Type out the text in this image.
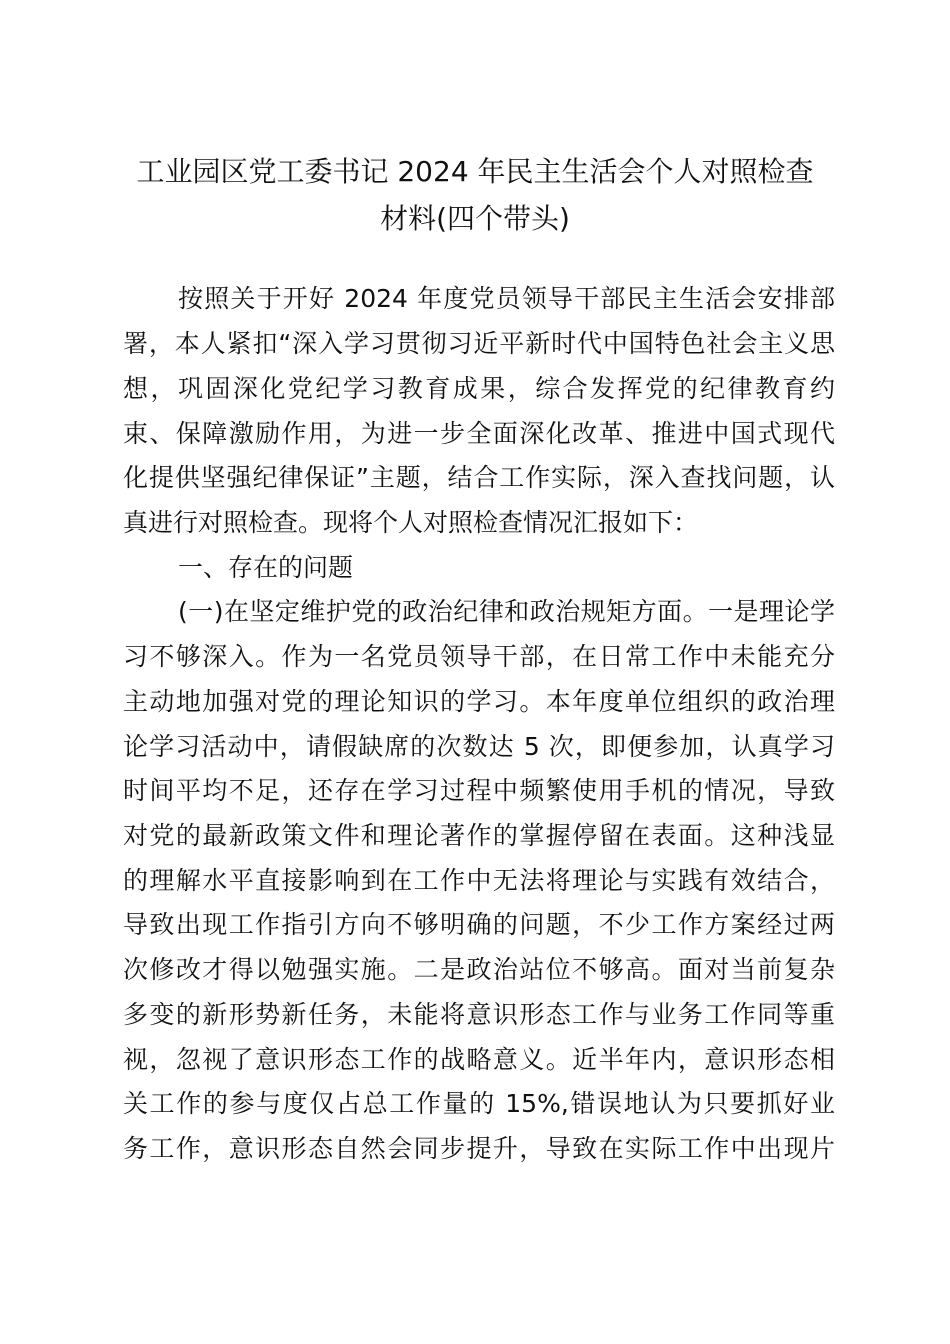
工业园区党工委书记 2024 年民主生活会个人对照检查
材料(四个带头)
按照关于开好 2024 年度党员领导干部民主生活会安排部
署，本人紧扣“深入学习贯彻习近平新时代中国特色社会主义思
想，巩固深化党纪学习教育成果，综合发挥党的纪律教育约
束、保障激励作用，为进一步全面深化改革、推进中国式现代
化提供坚强纪律保证”主题，结合工作实际，深入查找问题，认
真进行对照检查。现将个人对照检查情况汇报如下：
一、存在的问题
(一)在坚定维护党的政治纪律和政治规矩方面。一是理论学
习不够深入。作为一名党员领导干部，在日常工作中未能充分
主动地加强对党的理论知识的学习。本年度单位组织的政治理
论学习活动中，请假缺席的次数达 5 次，即便参加，认真学习
时间平均不足，还存在学习过程中频繁使用手机的情况，导致
对党的最新政策文件和理论著作的掌握停留在表面。这种浅显
的理解水平直接影响到在工作中无法将理论与实践有效结合，
导致出现工作指引方向不够明确的问题，不少工作方案经过两
次修改才得以勉强实施。二是政治站位不够高。面对当前复杂
多变的新形势新任务，未能将意识形态工作与业务工作同等重
视，忽视了意识形态工作的战略意义。近半年内，意识形态相
关工作的参与度仅占总工作量的 15%,错误地认为只要抓好业
务工作，意识形态自然会同步提升，导致在实际工作中出现片
